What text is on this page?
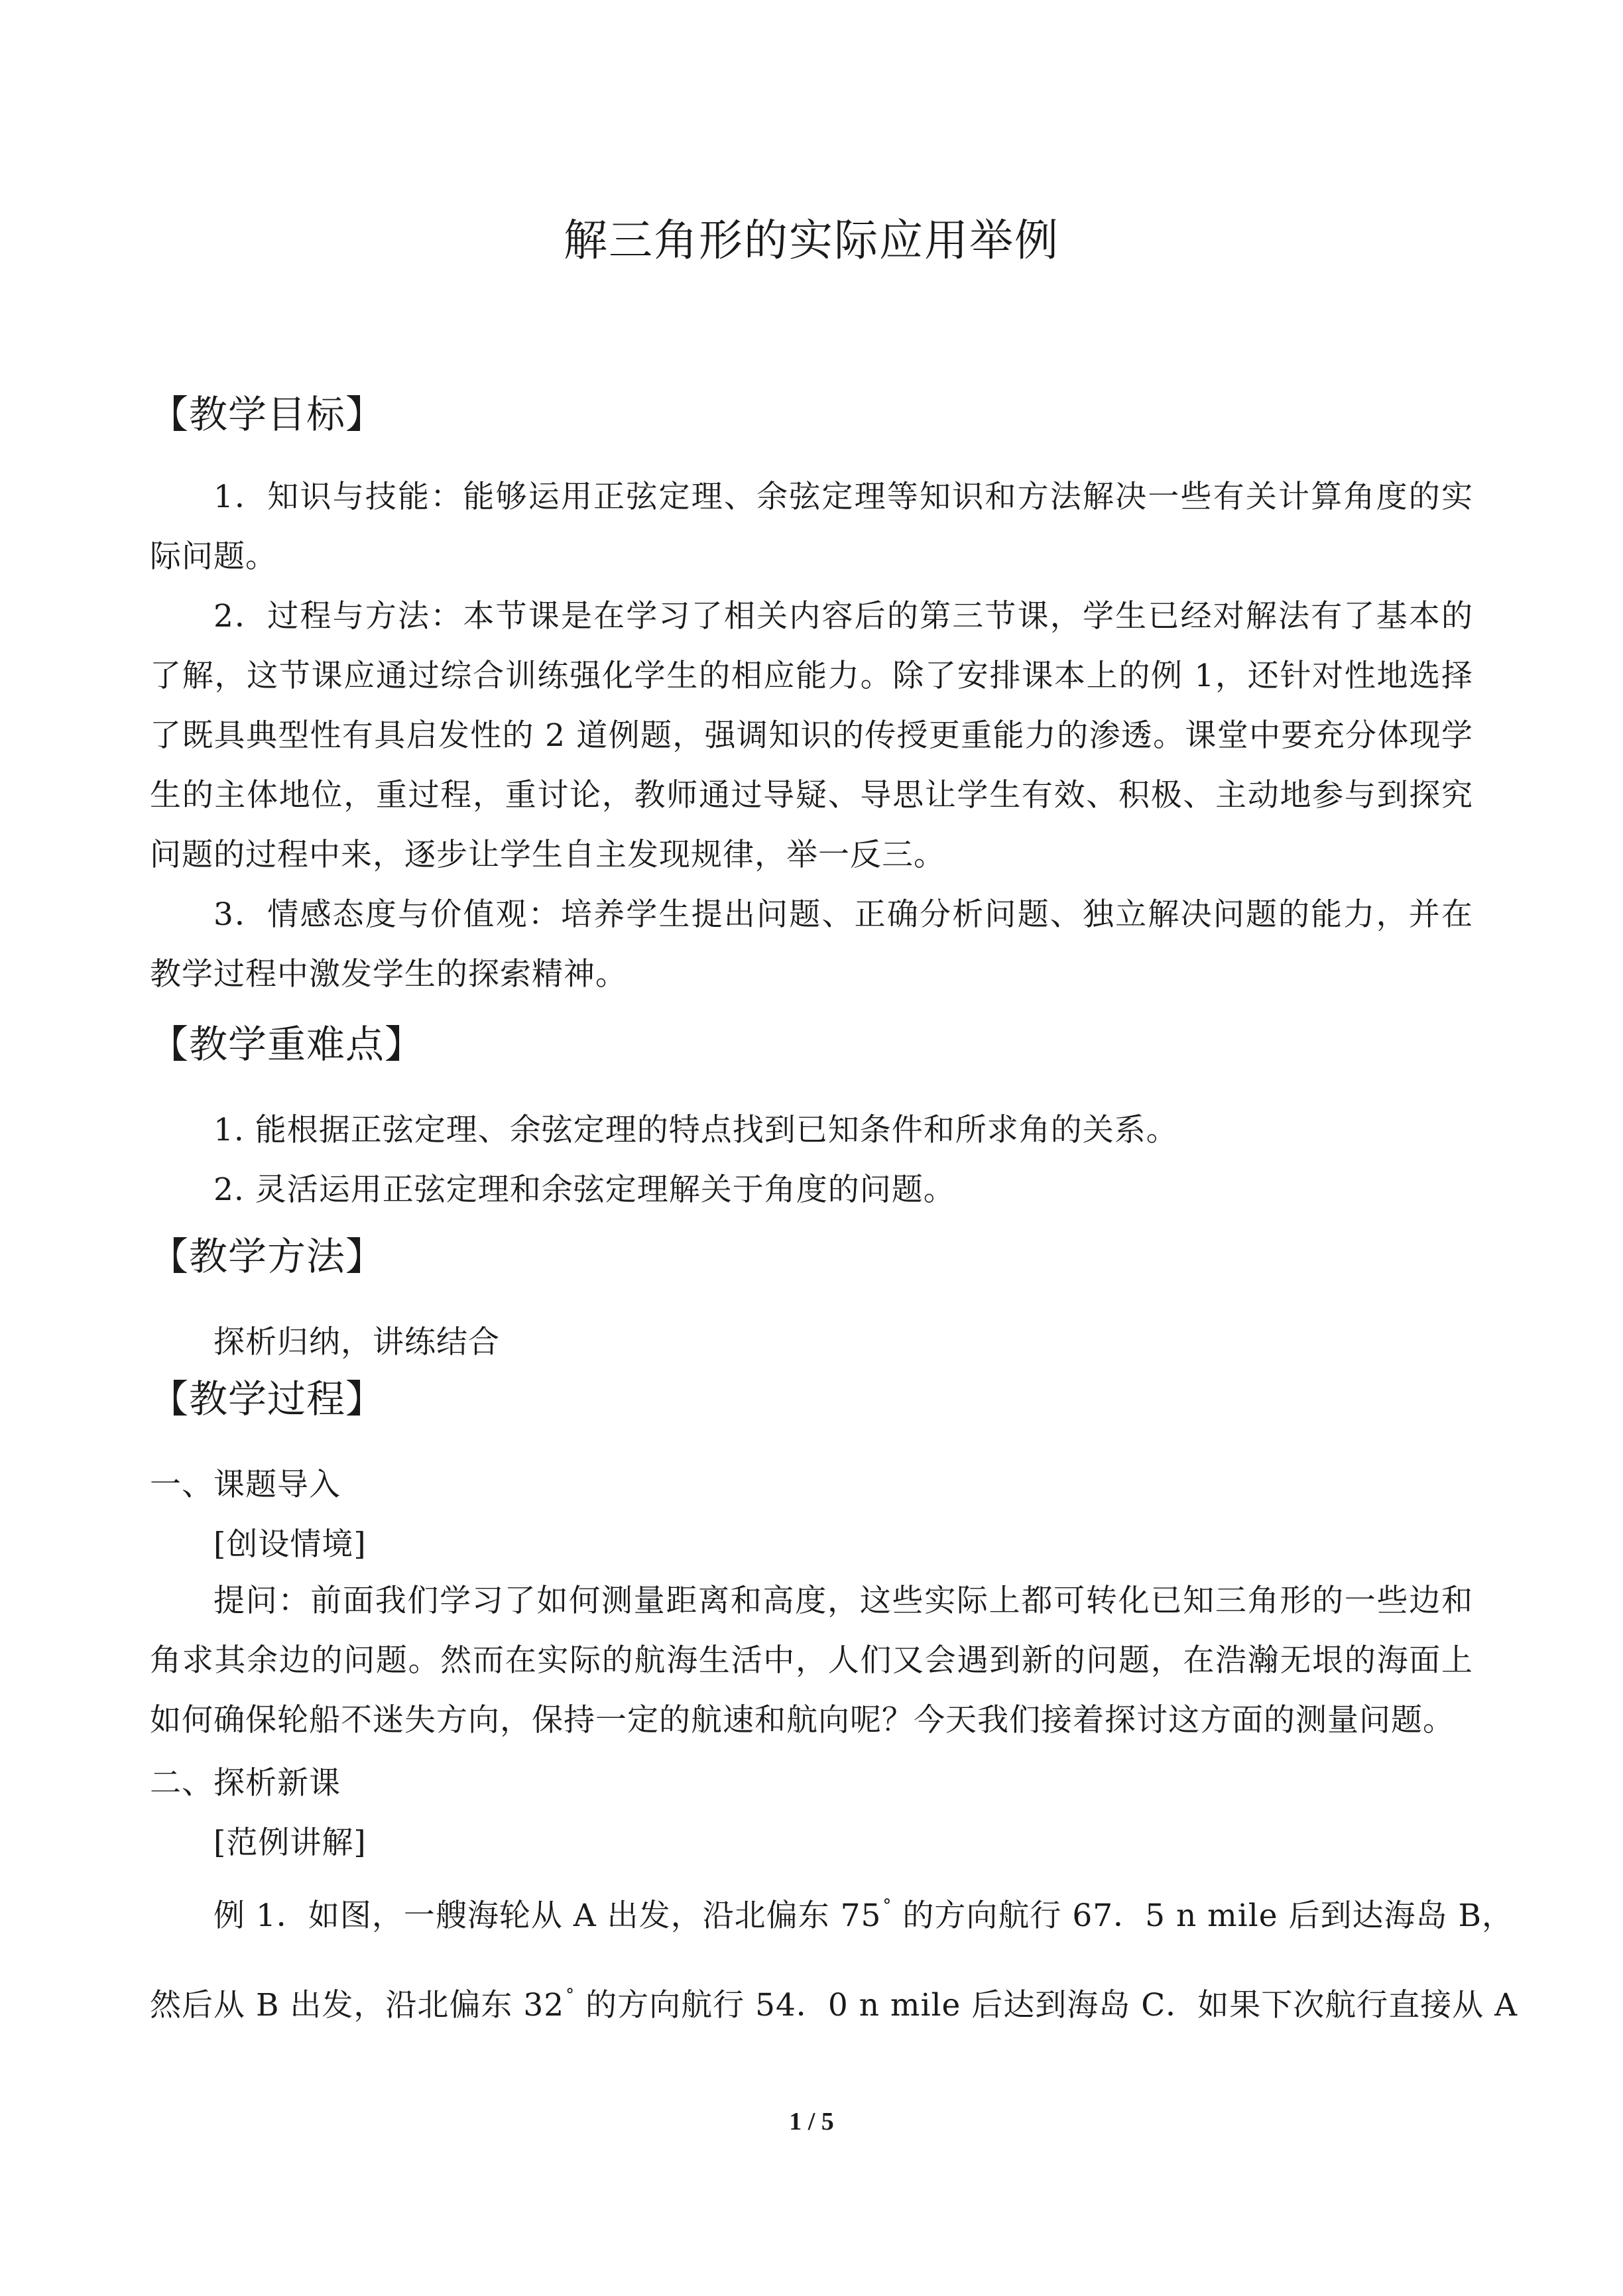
解三角形的实际应用举例
【教学目标】
1．知识与技能：能够运用正弦定理、余弦定理等知识和方法解决一些有关计算角度的实际问题。
2．过程与方法：本节课是在学习了相关内容后的第三节课，学生已经对解法有了基本的了解，这节课应通过综合训练强化学生的相应能力。除了安排课本上的例 1，还针对性地选择了既具典型性有具启发性的 2 道例题，强调知识的传授更重能力的渗透。课堂中要充分体现学生的主体地位，重过程，重讨论，教师通过导疑、导思让学生有效、积极、主动地参与到探究问题的过程中来，逐步让学生自主发现规律，举一反三。
3．情感态度与价值观：培养学生提出问题、正确分析问题、独立解决问题的能力，并在教学过程中激发学生的探索精神。
【教学重难点】
1. 能根据正弦定理、余弦定理的特点找到已知条件和所求角的关系。
2. 灵活运用正弦定理和余弦定理解关于角度的问题。
【教学方法】
探析归纳，讲练结合
【教学过程】
一、课题导入
[创设情境]
提问：前面我们学习了如何测量距离和高度，这些实际上都可转化已知三角形的一些边和角求其余边的问题。然而在实际的航海生活中，人们又会遇到新的问题，在浩瀚无垠的海面上如何确保轮船不迷失方向，保持一定的航速和航向呢？今天我们接着探讨这方面的测量问题。
二、探析新课
[范例讲解]
例 1．如图，一艘海轮从 A 出发，沿北偏东 75° 的方向航行 67．5 n mile 后到达海岛 B，
然后从 B 出发，沿北偏东 32° 的方向航行 54．0 n mile 后达到海岛 C．如果下次航行直接从 A
1 / 5
